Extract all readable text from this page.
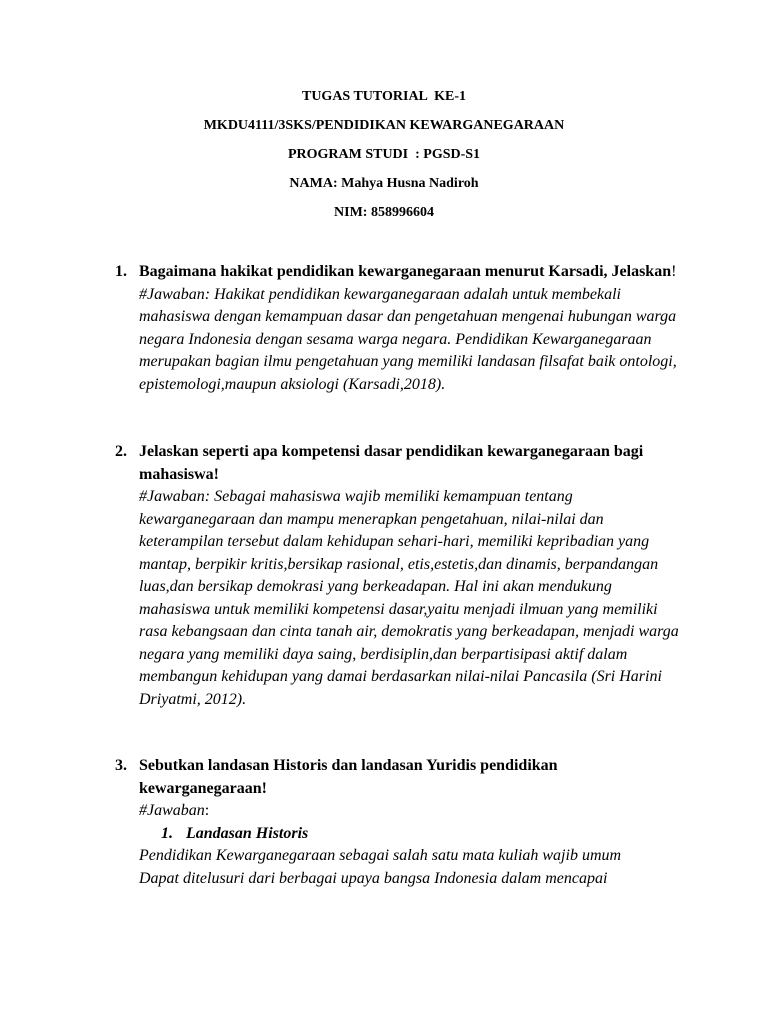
TUGAS TUTORIAL  KE-1
MKDU4111/3SKS/PENDIDIKAN KEWARGANEGARAAN
PROGRAM STUDI  : PGSD-S1
NAMA: Mahya Husna Nadiroh
NIM: 858996604
1. Bagaimana hakikat pendidikan kewarganegaraan menurut Karsadi, Jelaskan!
#Jawaban: Hakikat pendidikan kewarganegaraan adalah untuk membekali mahasiswa dengan kemampuan dasar dan pengetahuan mengenai hubungan warga negara Indonesia dengan sesama warga negara. Pendidikan Kewarganegaraan merupakan bagian ilmu pengetahuan yang memiliki landasan filsafat baik ontologi, epistemologi,maupun aksiologi (Karsadi,2018).
2. Jelaskan seperti apa kompetensi dasar pendidikan kewarganegaraan bagi mahasiswa!
#Jawaban: Sebagai mahasiswa wajib memiliki kemampuan tentang kewarganegaraan dan mampu menerapkan pengetahuan, nilai-nilai dan keterampilan tersebut dalam kehidupan sehari-hari, memiliki kepribadian yang mantap, berpikir kritis,bersikap rasional, etis,estetis,dan dinamis, berpandangan luas,dan bersikap demokrasi yang berkeadapan. Hal ini akan mendukung mahasiswa untuk memiliki kompetensi dasar,yaitu menjadi ilmuan yang memiliki rasa kebangsaan dan cinta tanah air, demokratis yang berkeadapan, menjadi warga negara yang memiliki daya saing, berdisiplin,dan berpartisipasi aktif dalam membangun kehidupan yang damai berdasarkan nilai-nilai Pancasila (Sri Harini Driyatmi, 2012).
3. Sebutkan landasan Historis dan landasan Yuridis pendidikan kewarganegaraan!
#Jawaban:
1. Landasan Historis
Pendidikan Kewarganegaraan sebagai salah satu mata kuliah wajib umum
Dapat ditelusuri dari berbagai upaya bangsa Indonesia dalam mencapai
